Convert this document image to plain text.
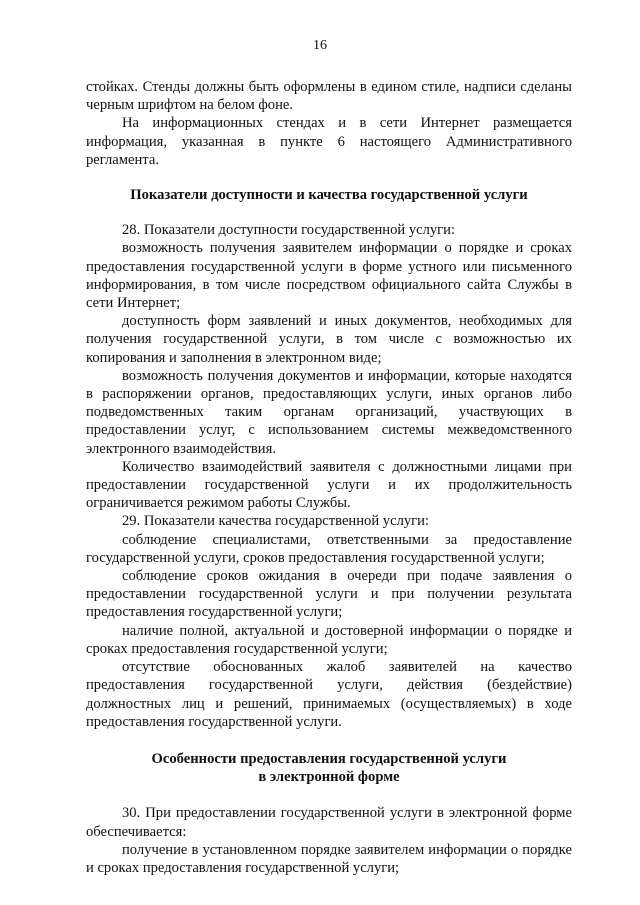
16

стойках. Стенды должны быть оформлены в едином стиле, надписи сделаны черным шрифтом на белом фоне.

На информационных стендах и в сети Интернет размещается информация, указанная в пункте 6 настоящего Административного регламента.

Показатели доступности и качества государственной услуги

28. Показатели доступности государственной услуги:

возможность получения заявителем информации о порядке и сроках предоставления государственной услуги в форме устного или письменного информирования, в том числе посредством официального сайта Службы в сети Интернет;

доступность форм заявлений и иных документов, необходимых для получения государственной услуги, в том числе с возможностью их копирования и заполнения в электронном виде;

возможность получения документов и информации, которые находятся в распоряжении органов, предоставляющих услуги, иных органов либо подведомственных таким органам организаций, участвующих в предоставлении услуг, с использованием системы межведомственного электронного взаимодействия.

Количество взаимодействий заявителя с должностными лицами при предоставлении государственной услуги и их продолжительность ограничивается режимом работы Службы.

29. Показатели качества государственной услуги:

соблюдение специалистами, ответственными за предоставление государственной услуги, сроков предоставления государственной услуги;

соблюдение сроков ожидания в очереди при подаче заявления о предоставлении государственной услуги и при получении результата предоставления государственной услуги;

наличие полной, актуальной и достоверной информации о порядке и сроках предоставления государственной услуги;

отсутствие обоснованных жалоб заявителей на качество предоставления государственной услуги, действия (бездействие) должностных лиц и решений, принимаемых (осуществляемых) в ходе предоставления государственной услуги.

Особенности предоставления государственной услуги

в электронной форме

30. При предоставлении государственной услуги в электронной форме обеспечивается:

получение в установленном порядке заявителем информации о порядке и сроках предоставления государственной услуги;
